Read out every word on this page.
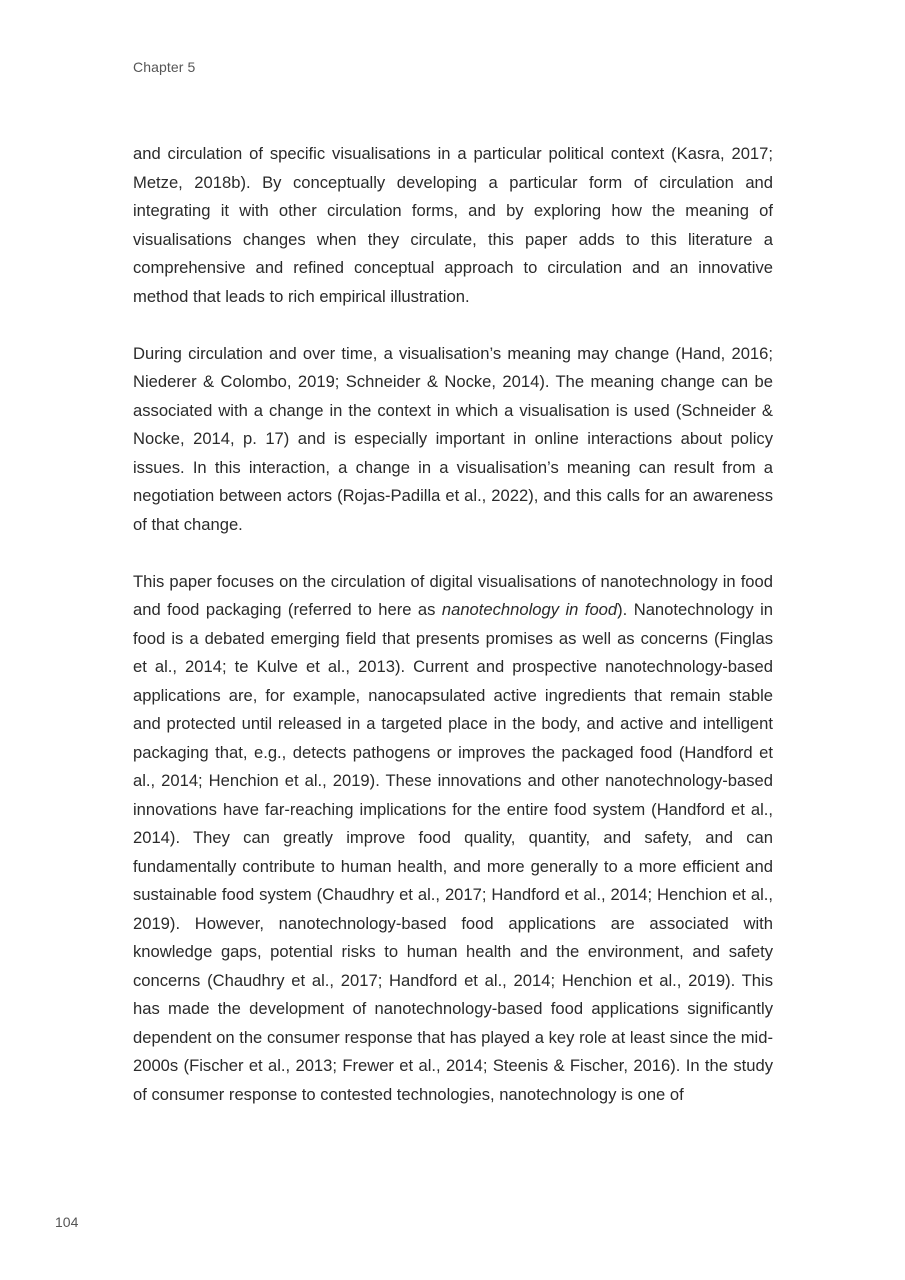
Chapter 5

and circulation of specific visualisations in a particular political context (Kasra, 2017; Metze, 2018b). By conceptually developing a particular form of circulation and integrating it with other circulation forms, and by exploring how the meaning of visualisations changes when they circulate, this paper adds to this literature a comprehensive and refined conceptual approach to circulation and an innovative method that leads to rich empirical illustration.

During circulation and over time, a visualisation’s meaning may change (Hand, 2016; Niederer & Colombo, 2019; Schneider & Nocke, 2014). The meaning change can be associated with a change in the context in which a visualisation is used (Schneider & Nocke, 2014, p. 17) and is especially important in online interactions about policy issues. In this interaction, a change in a visualisation’s meaning can result from a negotiation between actors (Rojas-Padilla et al., 2022), and this calls for an awareness of that change.

This paper focuses on the circulation of digital visualisations of nanotechnology in food and food packaging (referred to here as nanotechnology in food). Nanotechnology in food is a debated emerging field that presents promises as well as concerns (Finglas et al., 2014; te Kulve et al., 2013). Current and prospective nanotechnology-based applications are, for example, nanocapsulated active ingredients that remain stable and protected until released in a targeted place in the body, and active and intelligent packaging that, e.g., detects pathogens or improves the packaged food (Handford et al., 2014; Henchion et al., 2019). These innovations and other nanotechnology-based innovations have far-reaching implications for the entire food system (Handford et al., 2014). They can greatly improve food quality, quantity, and safety, and can fundamentally contribute to human health, and more generally to a more efficient and sustainable food system (Chaudhry et al., 2017; Handford et al., 2014; Henchion et al., 2019). However, nanotechnology-based food applications are associated with knowledge gaps, potential risks to human health and the environment, and safety concerns (Chaudhry et al., 2017; Handford et al., 2014; Henchion et al., 2019). This has made the development of nanotechnology-based food applications significantly dependent on the consumer response that has played a key role at least since the mid-2000s (Fischer et al., 2013; Frewer et al., 2014; Steenis & Fischer, 2016). In the study of consumer response to contested technologies, nanotechnology is one of

104
